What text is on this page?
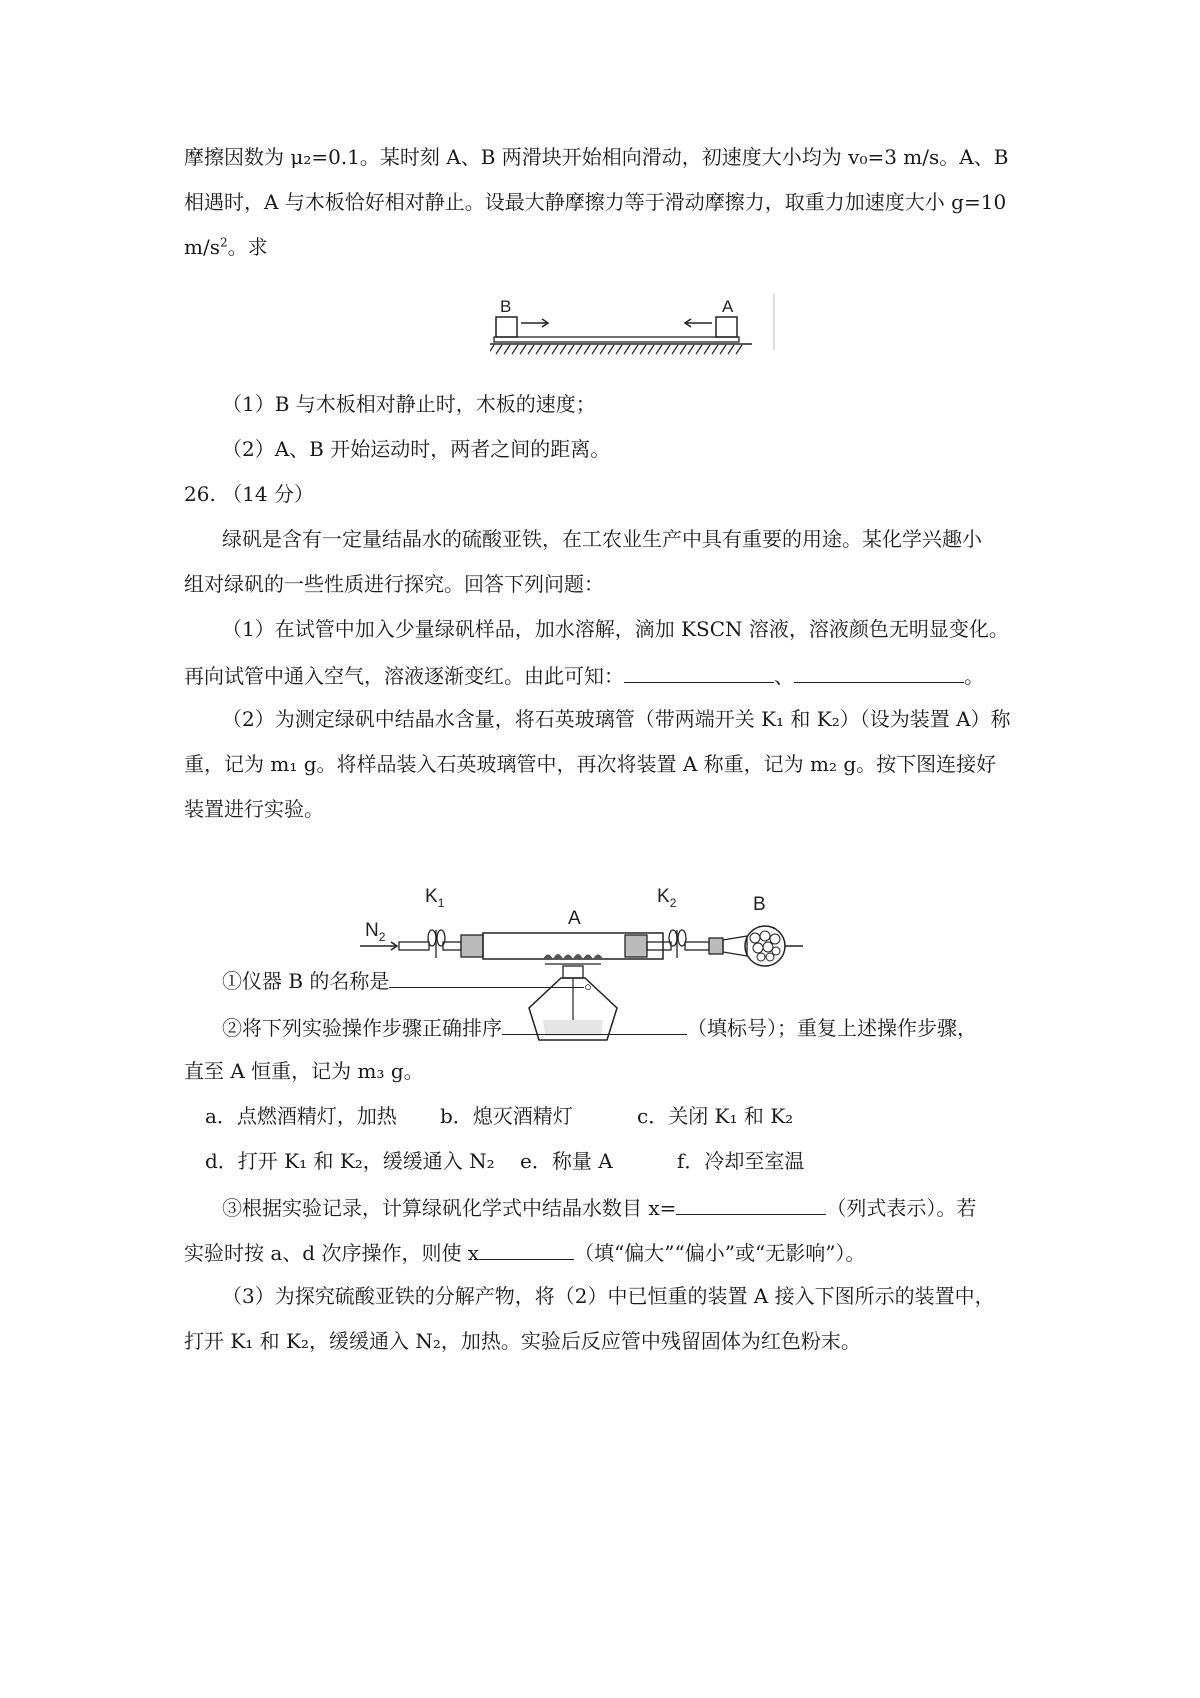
摩擦因数为 μ₂=0.1。某时刻 A、B 两滑块开始相向滑动，初速度大小均为 v₀=3 m/s。A、B
相遇时，A 与木板恰好相对静止。设最大静摩擦力等于滑动摩擦力，取重力加速度大小 g=10
$m/s^2$。求
B	A
（1）B 与木板相对静止时，木板的速度；
（2）A、B 开始运动时，两者之间的距离。
26. （14 分）
绿矾是含有一定量结晶水的硫酸亚铁，在工农业生产中具有重要的用途。某化学兴趣小
组对绿矾的一些性质进行探究。回答下列问题：
（1）在试管中加入少量绿矾样品，加水溶解，滴加 KSCN 溶液，溶液颜色无明显变化。
再向试管中通入空气，溶液逐渐变红。由此可知：	、	。
（2）为测定绿矾中结晶水含量，将石英玻璃管（带两端开关 K₁ 和 K₂）（设为装置 A）称
重，记为 m₁ g。将样品装入石英玻璃管中，再次将装置 A 称重，记为 m₂ g。按下图连接好
装置进行实验。
$N_2$
$K_1$
A
$K_2$	B
①仪器 B 的名称是	。
②将下列实验操作步骤正确排序	（填标号）；重复上述操作步骤，
直至 A 恒重，记为 m₃ g。
a．点燃酒精灯，加热 b．熄灭酒精灯	c．关闭 K₁ 和 K₂
d．打开 K₁ 和 K₂，缓缓通入 N₂ e．称量 A	f．冷却至室温
③根据实验记录，计算绿矾化学式中结晶水数目 x=	（列式表示）。若
实验时按 a、d 次序操作，则使 x	（填“偏大”“偏小”或“无影响”）。
（3）为探究硫酸亚铁的分解产物，将（2）中已恒重的装置 A 接入下图所示的装置中，
打开 K₁ 和 K₂，缓缓通入 N₂，加热。实验后反应管中残留固体为红色粉末。
